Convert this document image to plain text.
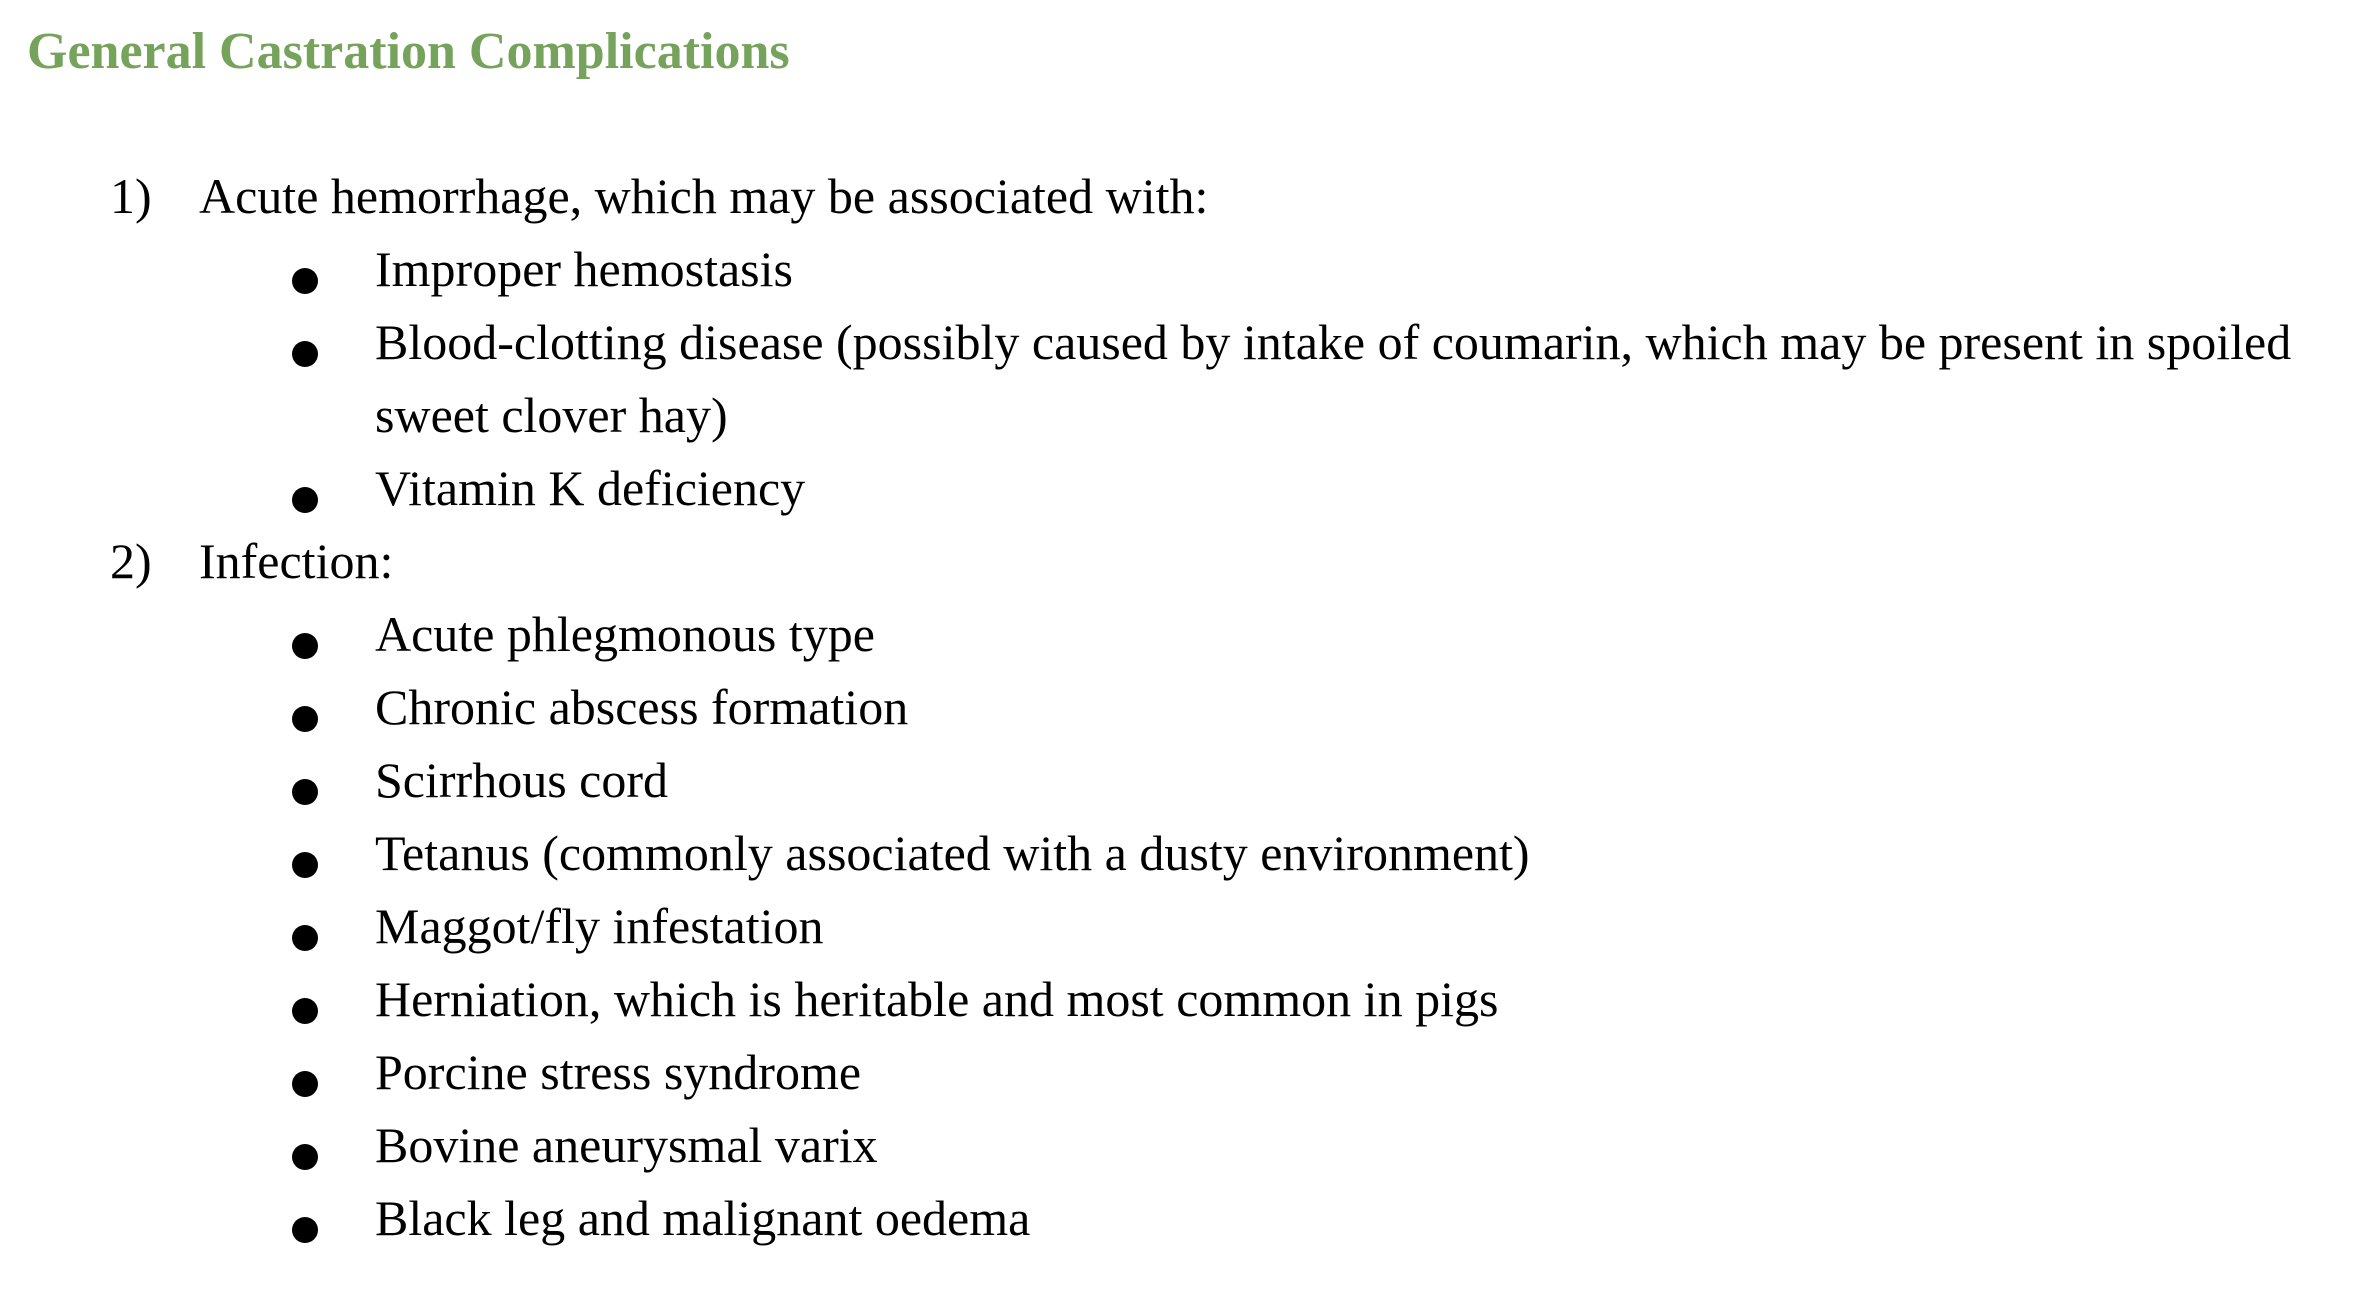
General Castration Complications
1) Acute hemorrhage, which may be associated with:
Improper hemostasis
Blood-clotting disease (possibly caused by intake of coumarin, which may be present in spoiled sweet clover hay)
Vitamin K deficiency
2) Infection:
Acute phlegmonous type
Chronic abscess formation
Scirrhous cord
Tetanus (commonly associated with a dusty environment)
Maggot/fly infestation
Herniation, which is heritable and most common in pigs
Porcine stress syndrome
Bovine aneurysmal varix
Black leg and malignant oedema
